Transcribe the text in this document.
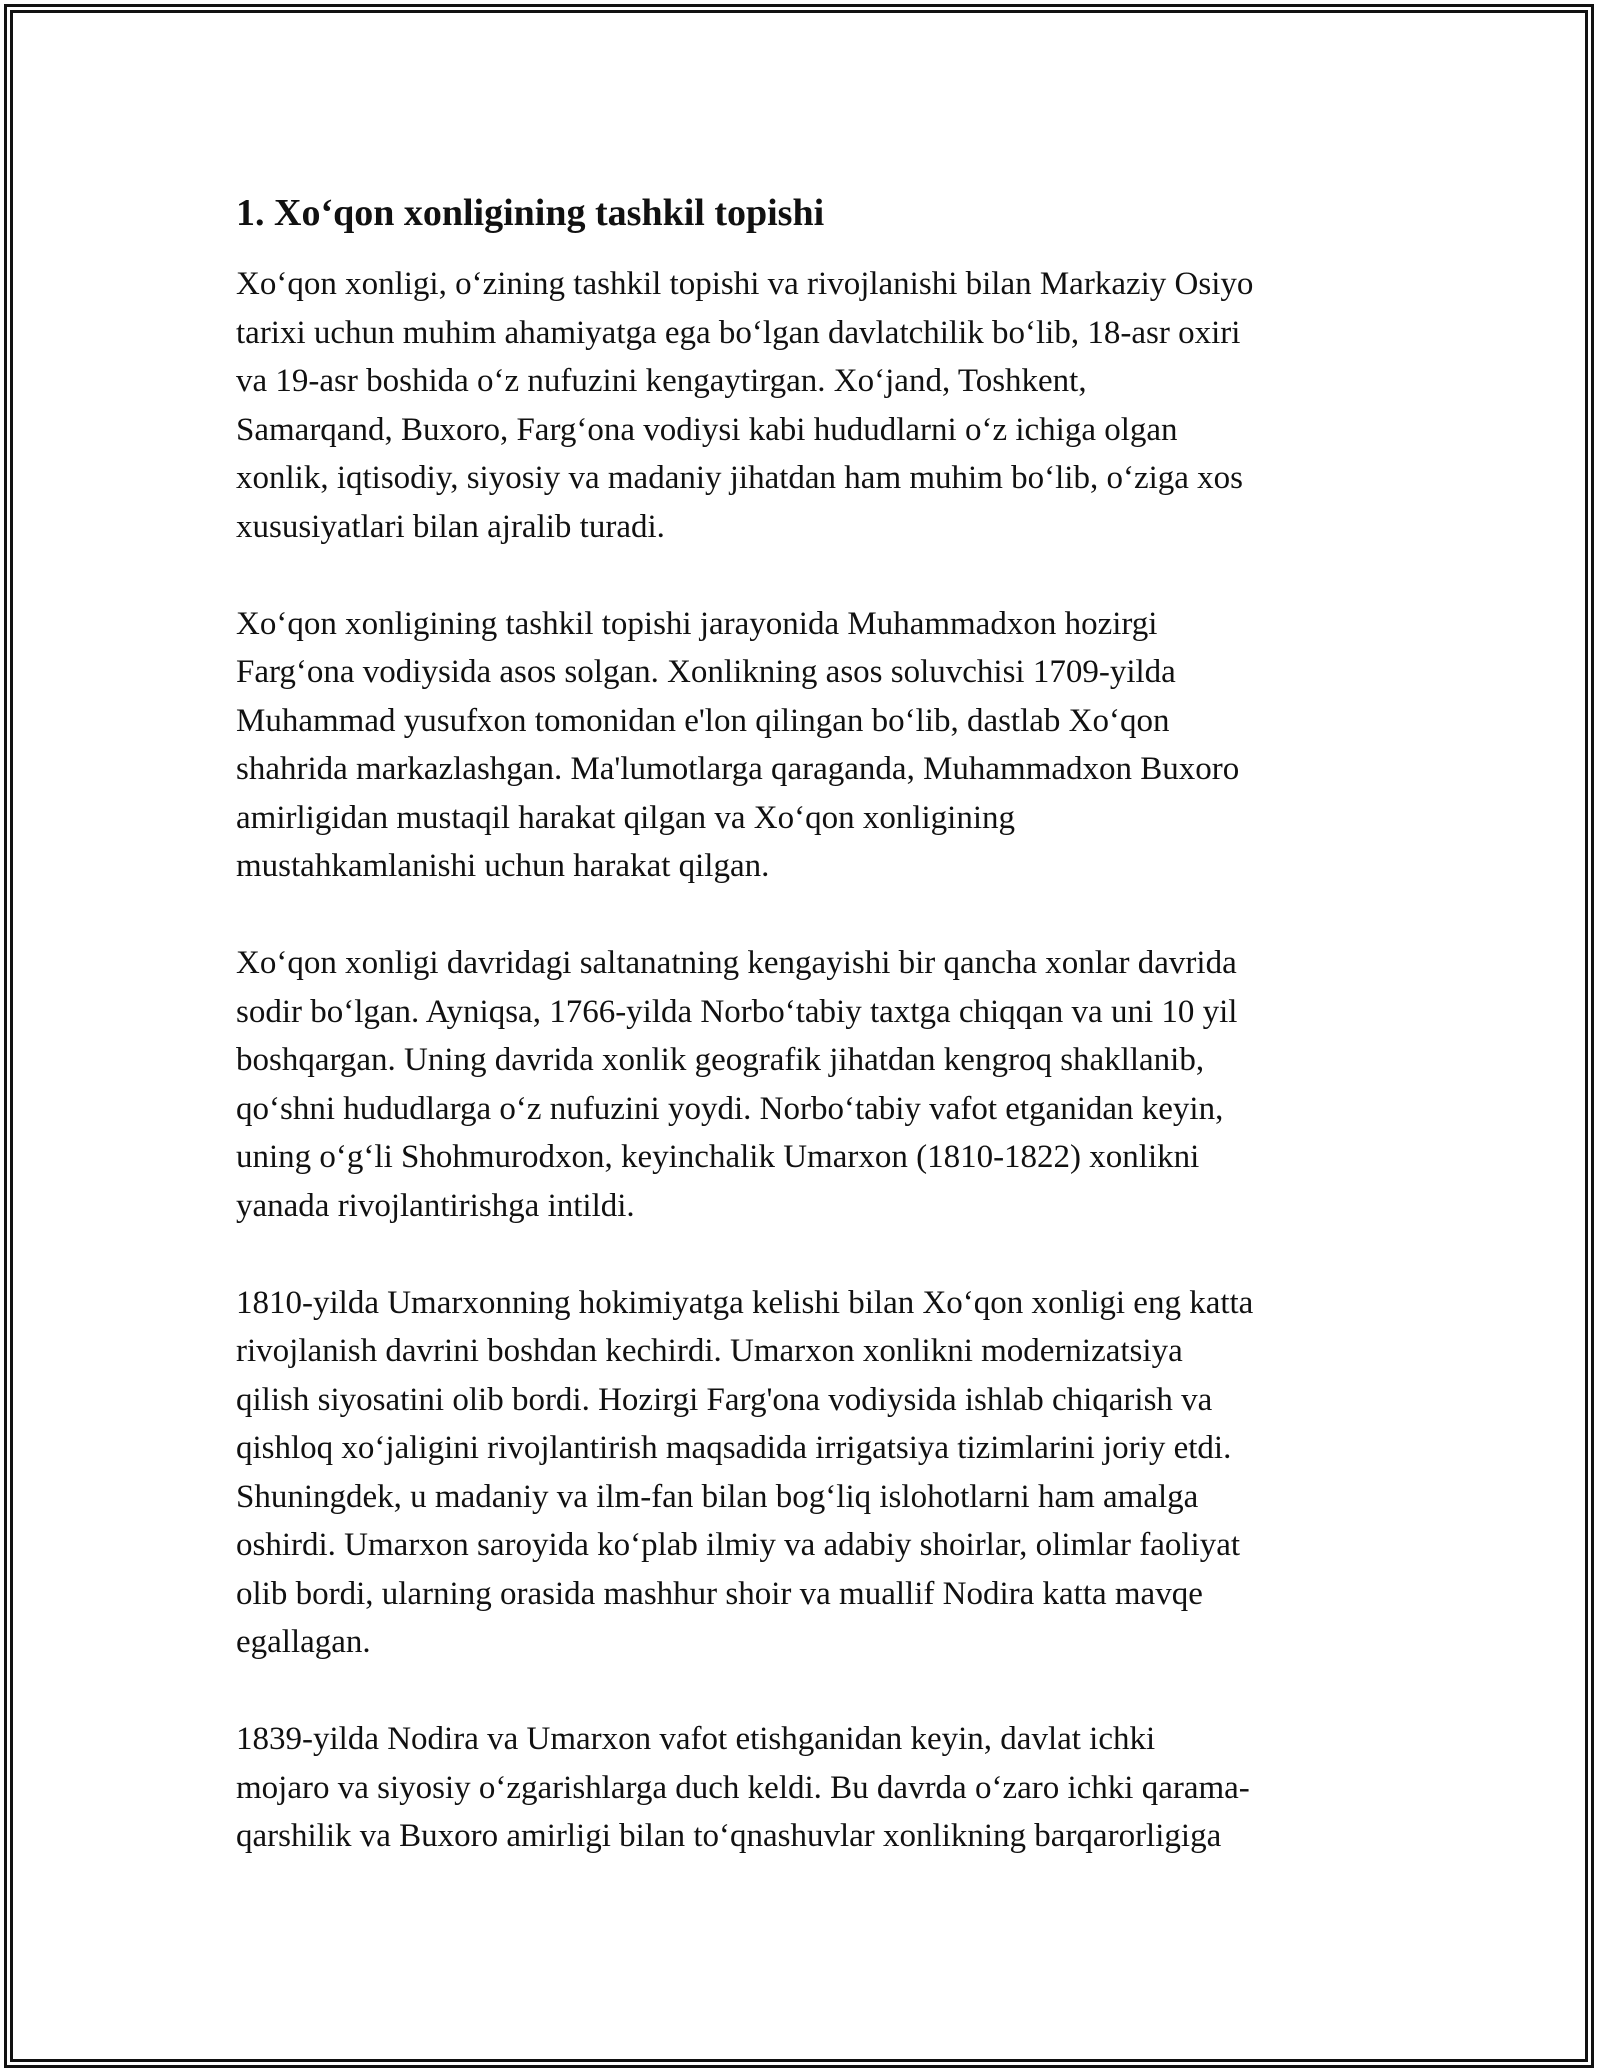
1. Xo‘qon xonligining tashkil topishi
Xo‘qon xonligi, o‘zining tashkil topishi va rivojlanishi bilan Markaziy Osiyo
tarixi uchun muhim ahamiyatga ega bo‘lgan davlatchilik bo‘lib, 18-asr oxiri
va 19-asr boshida o‘z nufuzini kengaytirgan. Xo‘jand, Toshkent,
Samarqand, Buxoro, Farg‘ona vodiysi kabi hududlarni o‘z ichiga olgan
xonlik, iqtisodiy, siyosiy va madaniy jihatdan ham muhim bo‘lib, o‘ziga xos
xususiyatlari bilan ajralib turadi.
Xo‘qon xonligining tashkil topishi jarayonida Muhammadxon hozirgi
Farg‘ona vodiysida asos solgan. Xonlikning asos soluvchisi 1709-yilda
Muhammad yusufxon tomonidan e'lon qilingan bo‘lib, dastlab Xo‘qon
shahrida markazlashgan. Ma'lumotlarga qaraganda, Muhammadxon Buxoro
amirligidan mustaqil harakat qilgan va Xo‘qon xonligining
mustahkamlanishi uchun harakat qilgan.
Xo‘qon xonligi davridagi saltanatning kengayishi bir qancha xonlar davrida
sodir bo‘lgan. Ayniqsa, 1766-yilda Norbo‘tabiy taxtga chiqqan va uni 10 yil
boshqargan. Uning davrida xonlik geografik jihatdan kengroq shakllanib,
qo‘shni hududlarga o‘z nufuzini yoydi. Norbo‘tabiy vafot etganidan keyin,
uning o‘g‘li Shohmurodxon, keyinchalik Umarxon (1810-1822) xonlikni
yanada rivojlantirishga intildi.
1810-yilda Umarxonning hokimiyatga kelishi bilan Xo‘qon xonligi eng katta
rivojlanish davrini boshdan kechirdi. Umarxon xonlikni modernizatsiya
qilish siyosatini olib bordi. Hozirgi Farg'ona vodiysida ishlab chiqarish va
qishloq xo‘jaligini rivojlantirish maqsadida irrigatsiya tizimlarini joriy etdi.
Shuningdek, u madaniy va ilm-fan bilan bog‘liq islohotlarni ham amalga
oshirdi. Umarxon saroyida ko‘plab ilmiy va adabiy shoirlar, olimlar faoliyat
olib bordi, ularning orasida mashhur shoir va muallif Nodira katta mavqe
egallagan.
1839-yilda Nodira va Umarxon vafot etishganidan keyin, davlat ichki
mojaro va siyosiy o‘zgarishlarga duch keldi. Bu davrda o‘zaro ichki qarama-
qarshilik va Buxoro amirligi bilan to‘qnashuvlar xonlikning barqarorligiga
